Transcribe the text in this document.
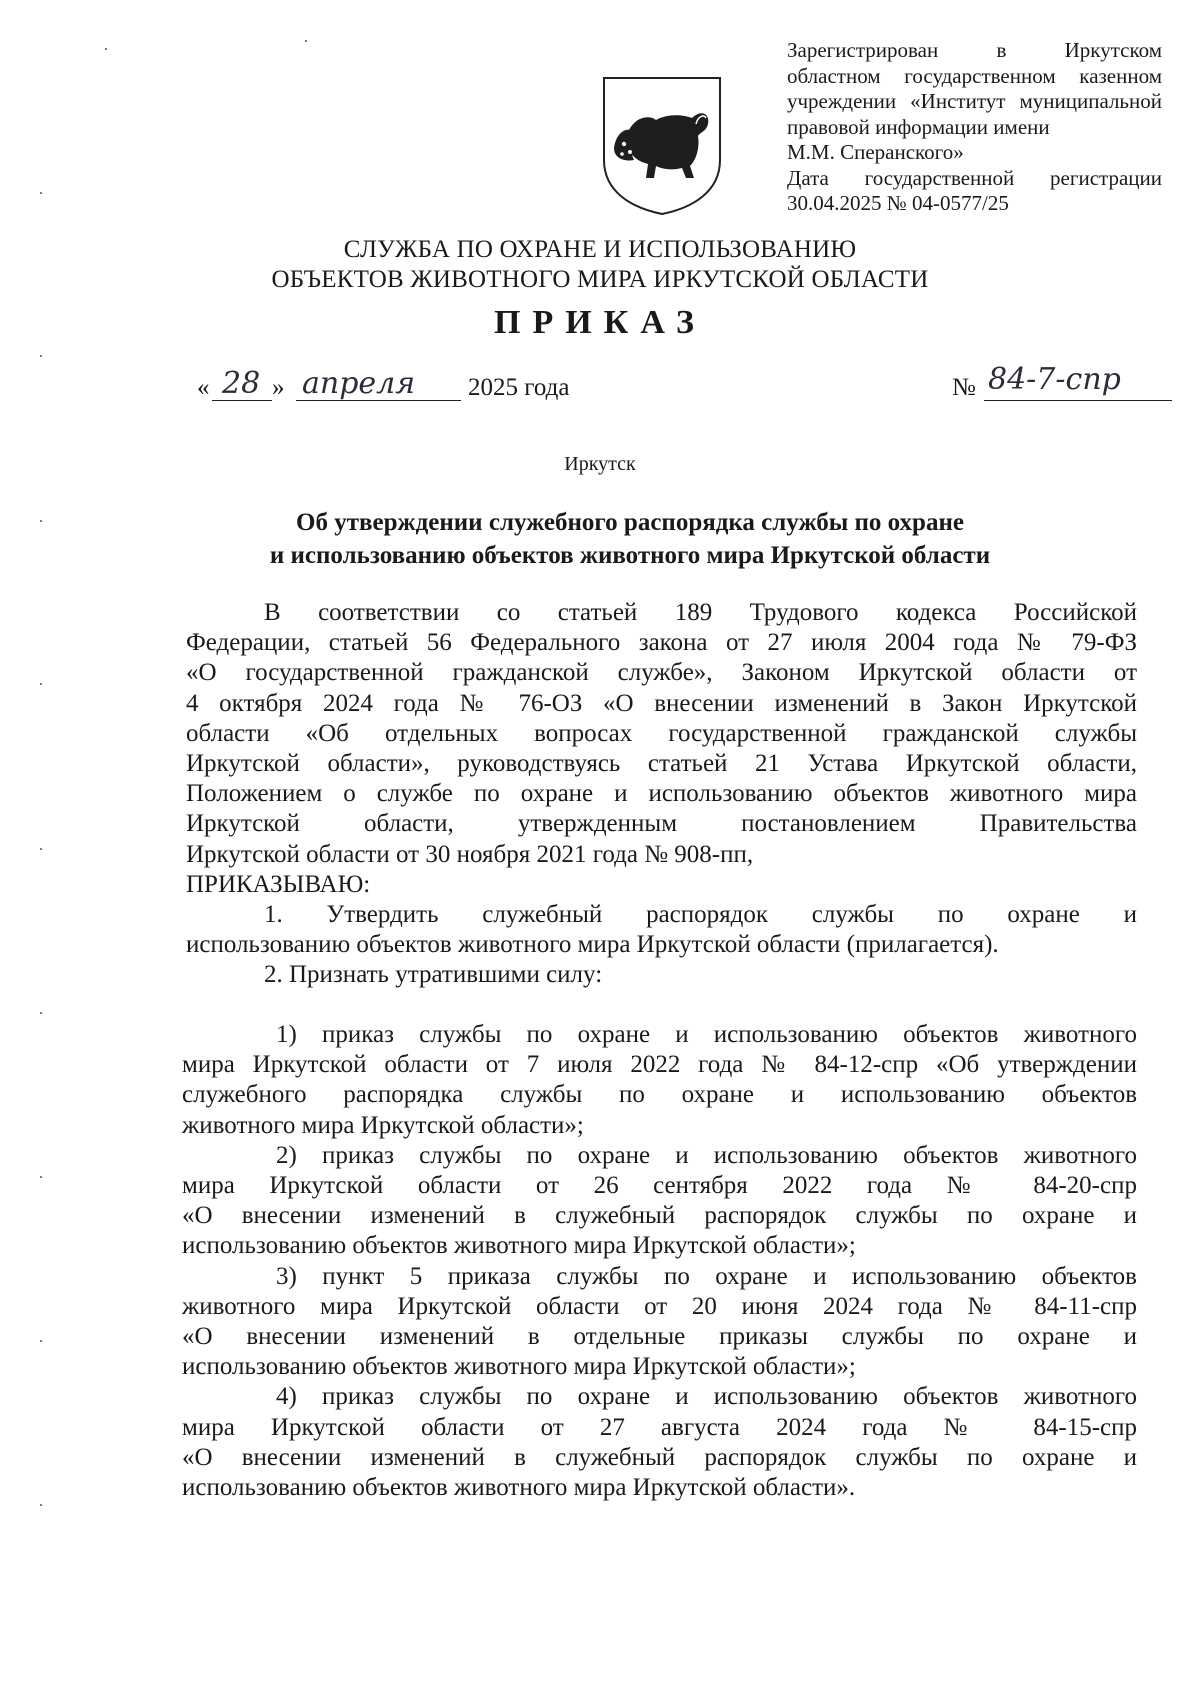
Зарегистрирован в Иркутском
областном государственном казенном
учреждении «Институт муниципальной
правовой информации имени
М.М. Сперанского»
Дата государственной регистрации
30.04.2025 № 04-0577/25
СЛУЖБА ПО ОХРАНЕ И ИСПОЛЬЗОВАНИЮ
ОБЪЕКТОВ ЖИВОТНОГО МИРА ИРКУТСКОЙ ОБЛАСТИ
ПРИКАЗ
« 28 » апреля 2025 года	№ 84-7-спр
Иркутск
Об утверждении служебного распорядка службы по охране
и использованию объектов животного мира Иркутской области
В соответствии со статьей 189 Трудового кодекса Российской
Федерации, статьей 56 Федерального закона от 27 июля 2004 года № 79-ФЗ
«О государственной гражданской службе», Законом Иркутской области от
4 октября 2024 года № 76-ОЗ «О внесении изменений в Закон Иркутской
области «Об отдельных вопросах государственной гражданской службы
Иркутской области», руководствуясь статьей 21 Устава Иркутской области,
Положением о службе по охране и использованию объектов животного мира
Иркутской области, утвержденным постановлением Правительства
Иркутской области от 30 ноября 2021 года № 908-пп,
ПРИКАЗЫВАЮ:
1. Утвердить служебный распорядок службы по охране и
использованию объектов животного мира Иркутской области (прилагается).
2. Признать утратившими силу:
1) приказ службы по охране и использованию объектов животного
мира Иркутской области от 7 июля 2022 года № 84-12-спр «Об утверждении
служебного распорядка службы по охране и использованию объектов
животного мира Иркутской области»;
2) приказ службы по охране и использованию объектов животного
мира Иркутской области от 26 сентября 2022 года № 84-20-спр
«О внесении изменений в служебный распорядок службы по охране и
использованию объектов животного мира Иркутской области»;
3) пункт 5 приказа службы по охране и использованию объектов
животного мира Иркутской области от 20 июня 2024 года № 84-11-спр
«О внесении изменений в отдельные приказы службы по охране и
использованию объектов животного мира Иркутской области»;
4) приказ службы по охране и использованию объектов животного
мира Иркутской области от 27 августа 2024 года № 84-15-спр
«О внесении изменений в служебный распорядок службы по охране и
использованию объектов животного мира Иркутской области».
